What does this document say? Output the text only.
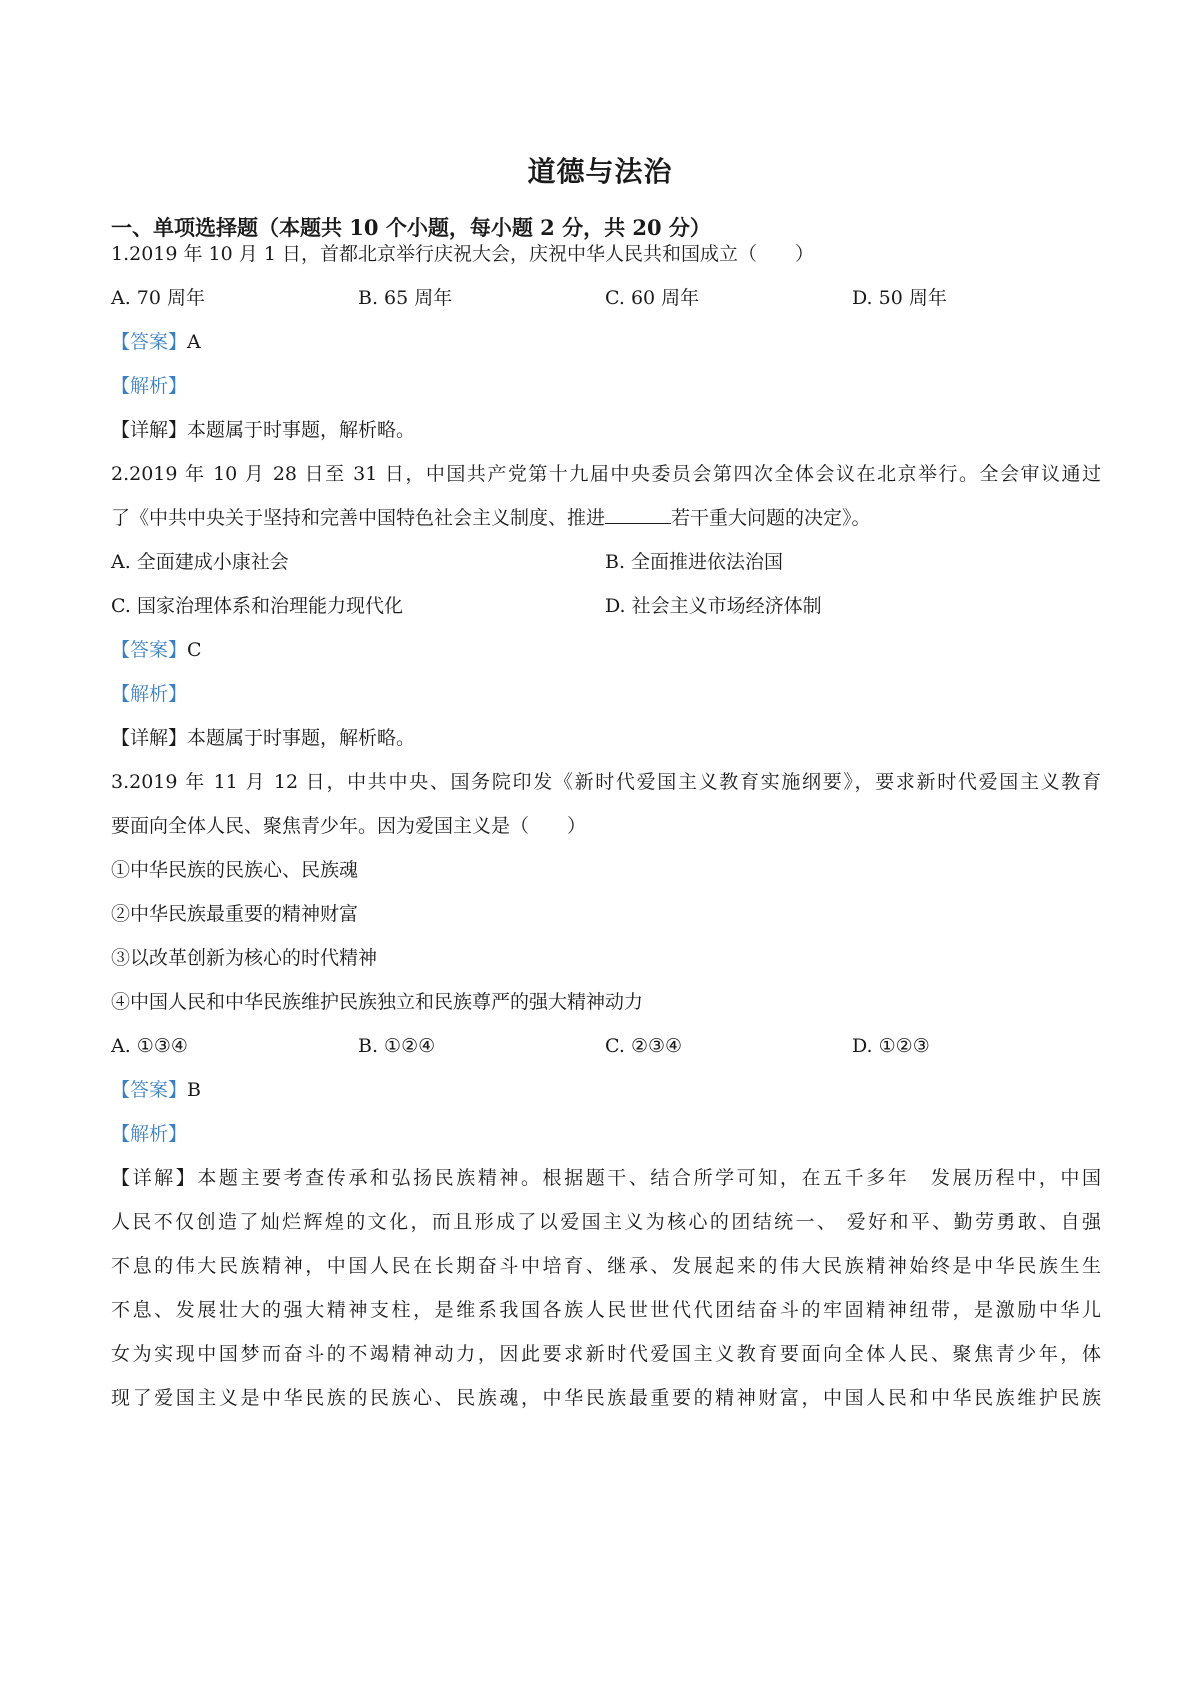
道德与法治
一、单项选择题（本题共 10 个小题，每小题 2 分，共 20 分）
1.2019 年 10 月 1 日，首都北京举行庆祝大会，庆祝中华人民共和国成立（　　）
A. 70 周年	B. 65 周年	C. 60 周年	D. 50 周年
【答案】A
【解析】
【详解】本题属于时事题，解析略。
2.2019 年 10 月 28 日至 31 日，中国共产党第十九届中央委员会第四次全体会议在北京举行。全会审议通过
了《中共中央关于坚持和完善中国特色社会主义制度、推进	若干重大问题的决定》。
A. 全面建成小康社会	B. 全面推进依法治国
C. 国家治理体系和治理能力现代化	D. 社会主义市场经济体制
【答案】C
【解析】
【详解】本题属于时事题，解析略。
3.2019 年 11 月 12 日，中共中央、国务院印发《新时代爱国主义教育实施纲要》，要求新时代爱国主义教育
要面向全体人民、聚焦青少年。因为爱国主义是（　　）
①中华民族的民族心、民族魂
②中华民族最重要的精神财富
③以改革创新为核心的时代精神
④中国人民和中华民族维护民族独立和民族尊严的强大精神动力
A. ①③④	B. ①②④	C. ②③④	D. ①②③
【答案】B
【解析】
【详解】本题主要考查传承和弘扬民族精神。根据题干、结合所学可知，在五千多年　发展历程中，中国
人民不仅创造了灿烂辉煌的文化，而且形成了以爱国主义为核心的团结统一、 爱好和平、勤劳勇敢、自强
不息的伟大民族精神，中国人民在长期奋斗中培育、继承、发展起来的伟大民族精神始终是中华民族生生
不息、发展壮大的强大精神支柱，是维系我国各族人民世世代代团结奋斗的牢固精神纽带，是激励中华儿
女为实现中国梦而奋斗的不竭精神动力，因此要求新时代爱国主义教育要面向全体人民、聚焦青少年，体
现了爱国主义是中华民族的民族心、民族魂，中华民族最重要的精神财富，中国人民和中华民族维护民族
